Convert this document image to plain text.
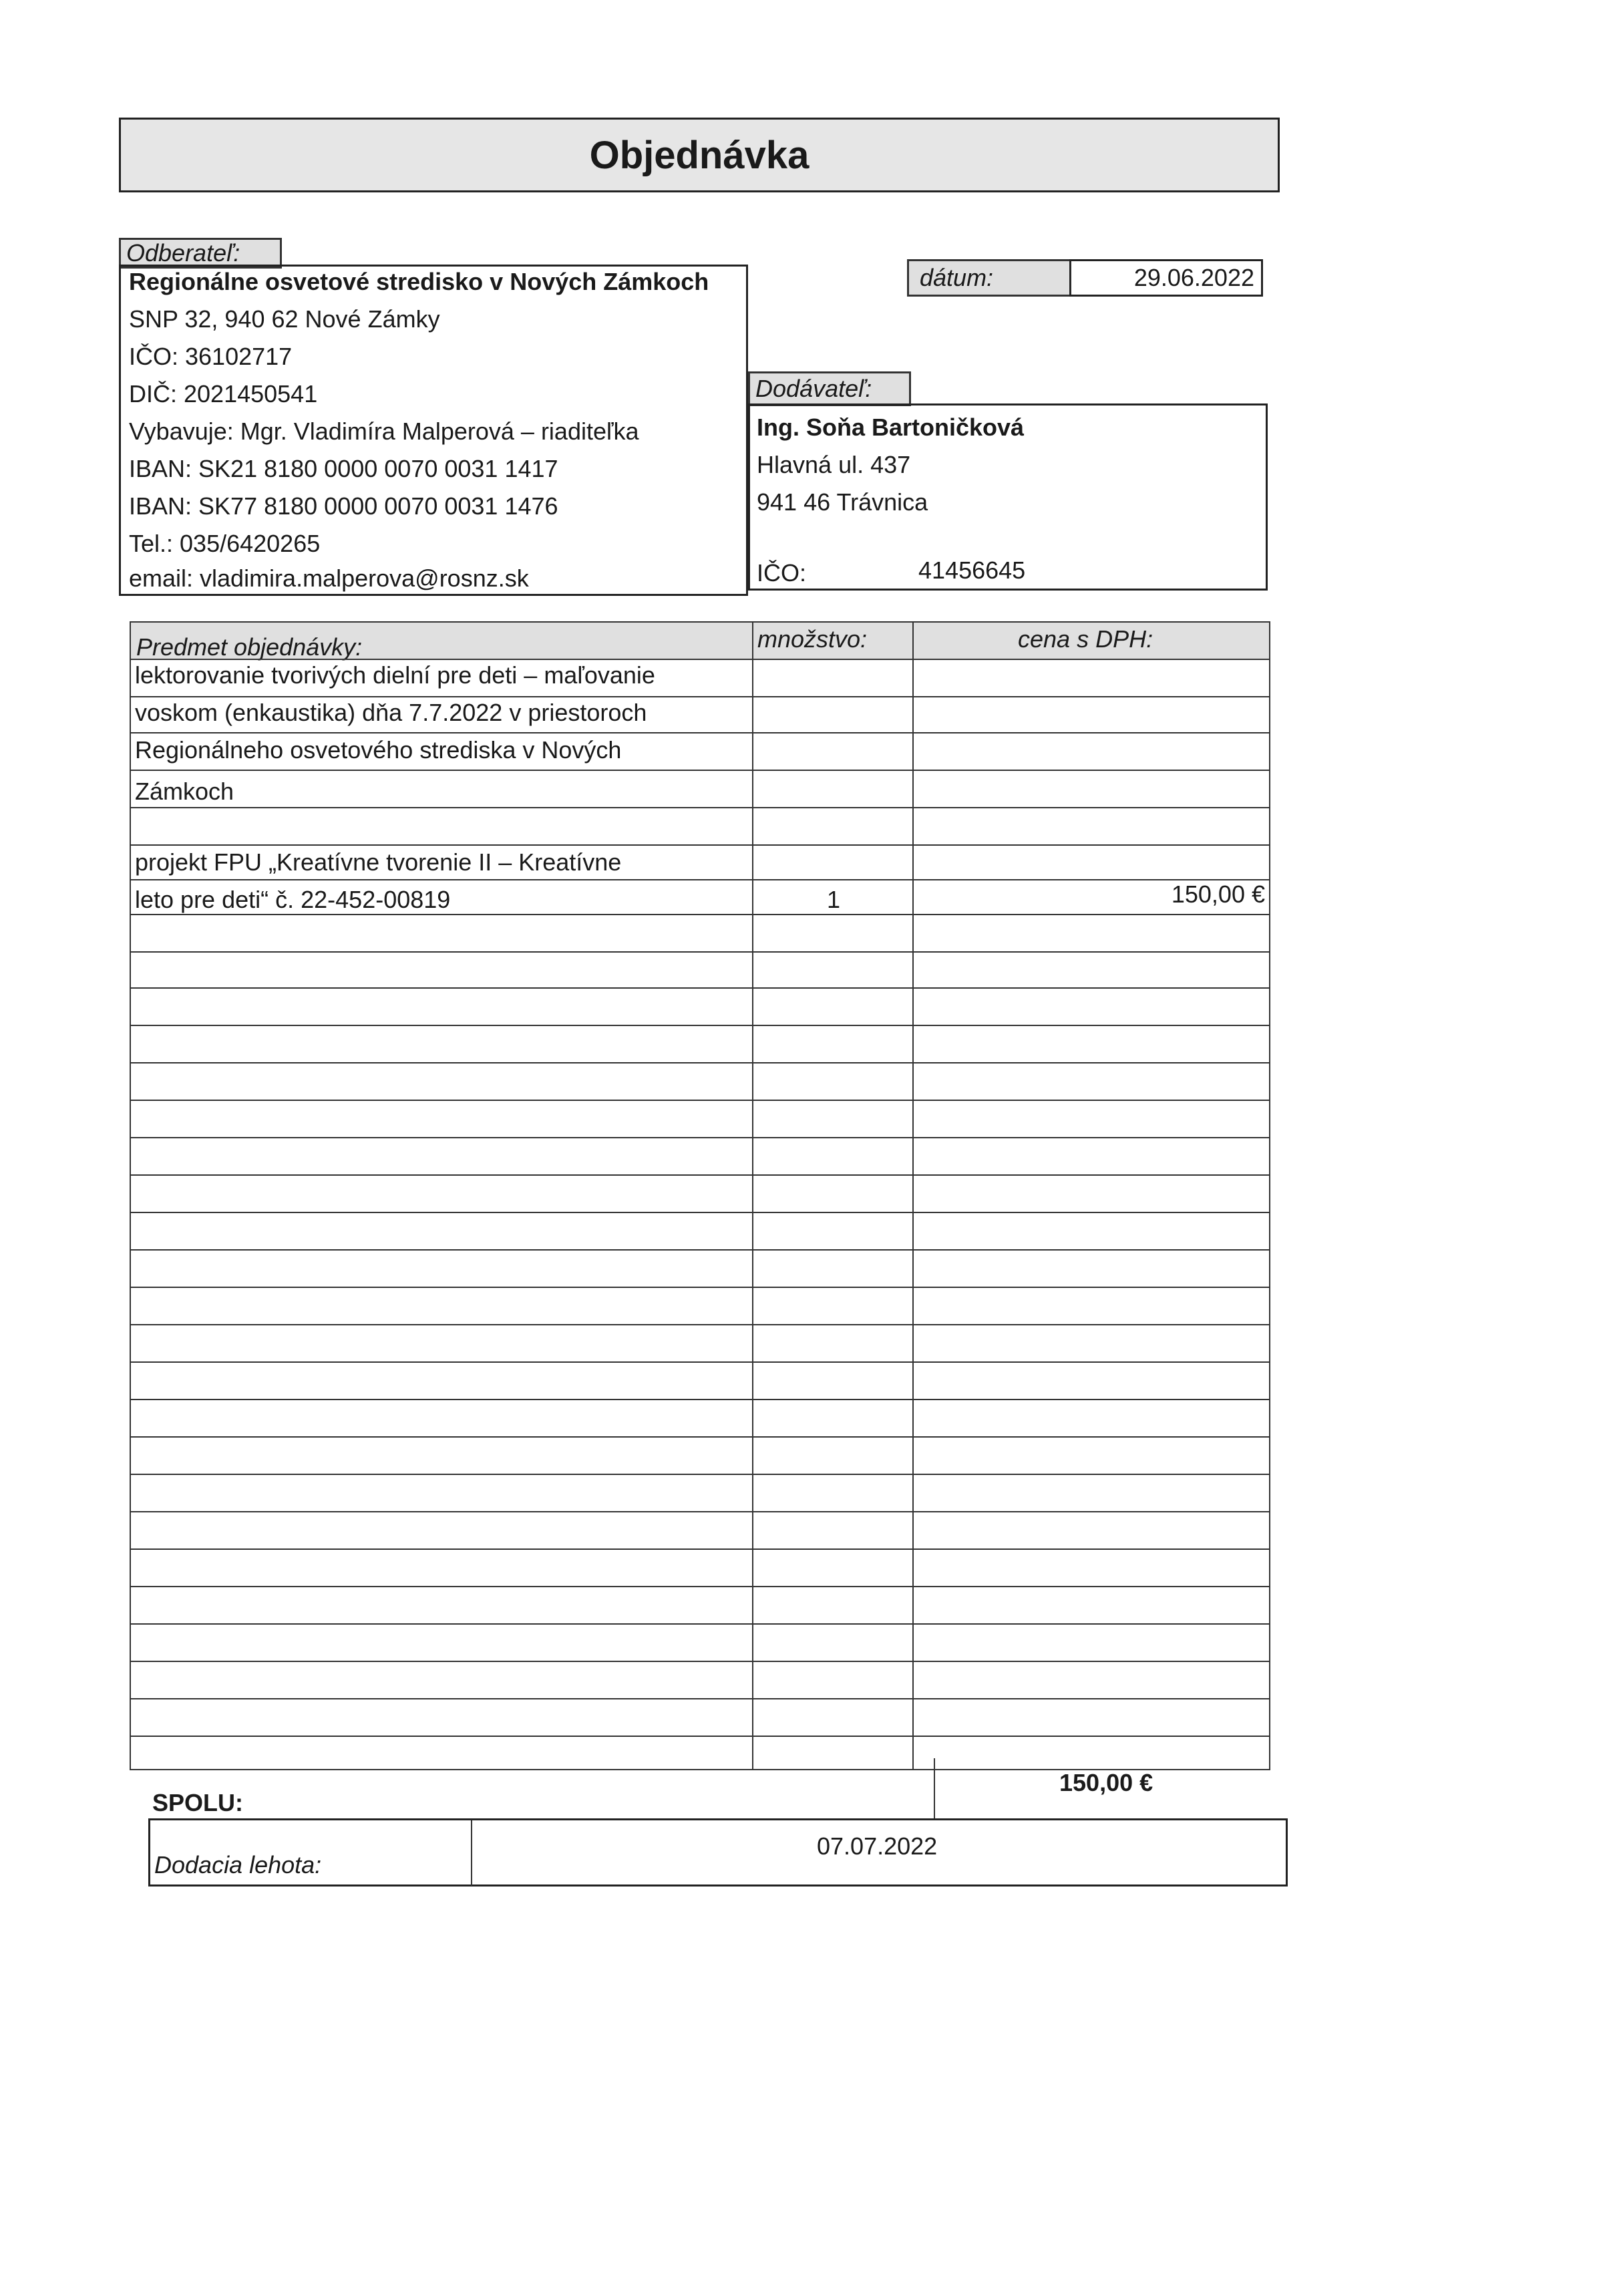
Objednávka
Odberateľ:
Regionálne osvetové stredisko v Nových Zámkoch
SNP 32, 940 62 Nové Zámky
IČO: 36102717
DIČ: 2021450541
Vybavuje: Mgr. Vladimíra Malperová – riaditeľka
IBAN: SK21 8180 0000 0070 0031 1417
IBAN: SK77 8180 0000 0070 0031 1476
Tel.: 035/6420265
email: vladimira.malperova@rosnz.sk
dátum:	29.06.2022
Dodávateľ:
Ing. Soňa Bartoničková
Hlavná ul. 437
941 46 Trávnica
IČO:	41456645
Predmet objednávky:	množstvo:	cena s DPH:
lektorovanie tvorivých dielní pre deti – maľovanie
voskom (enkaustika) dňa 7.7.2022 v priestoroch
Regionálneho osvetového strediska v Nových
Zámkoch
projekt FPU „Kreatívne tvorenie II – Kreatívne
leto pre deti“ č. 22-452-00819	1	150,00 €
SPOLU:
150,00 €
Dodacia lehota:
07.07.2022
